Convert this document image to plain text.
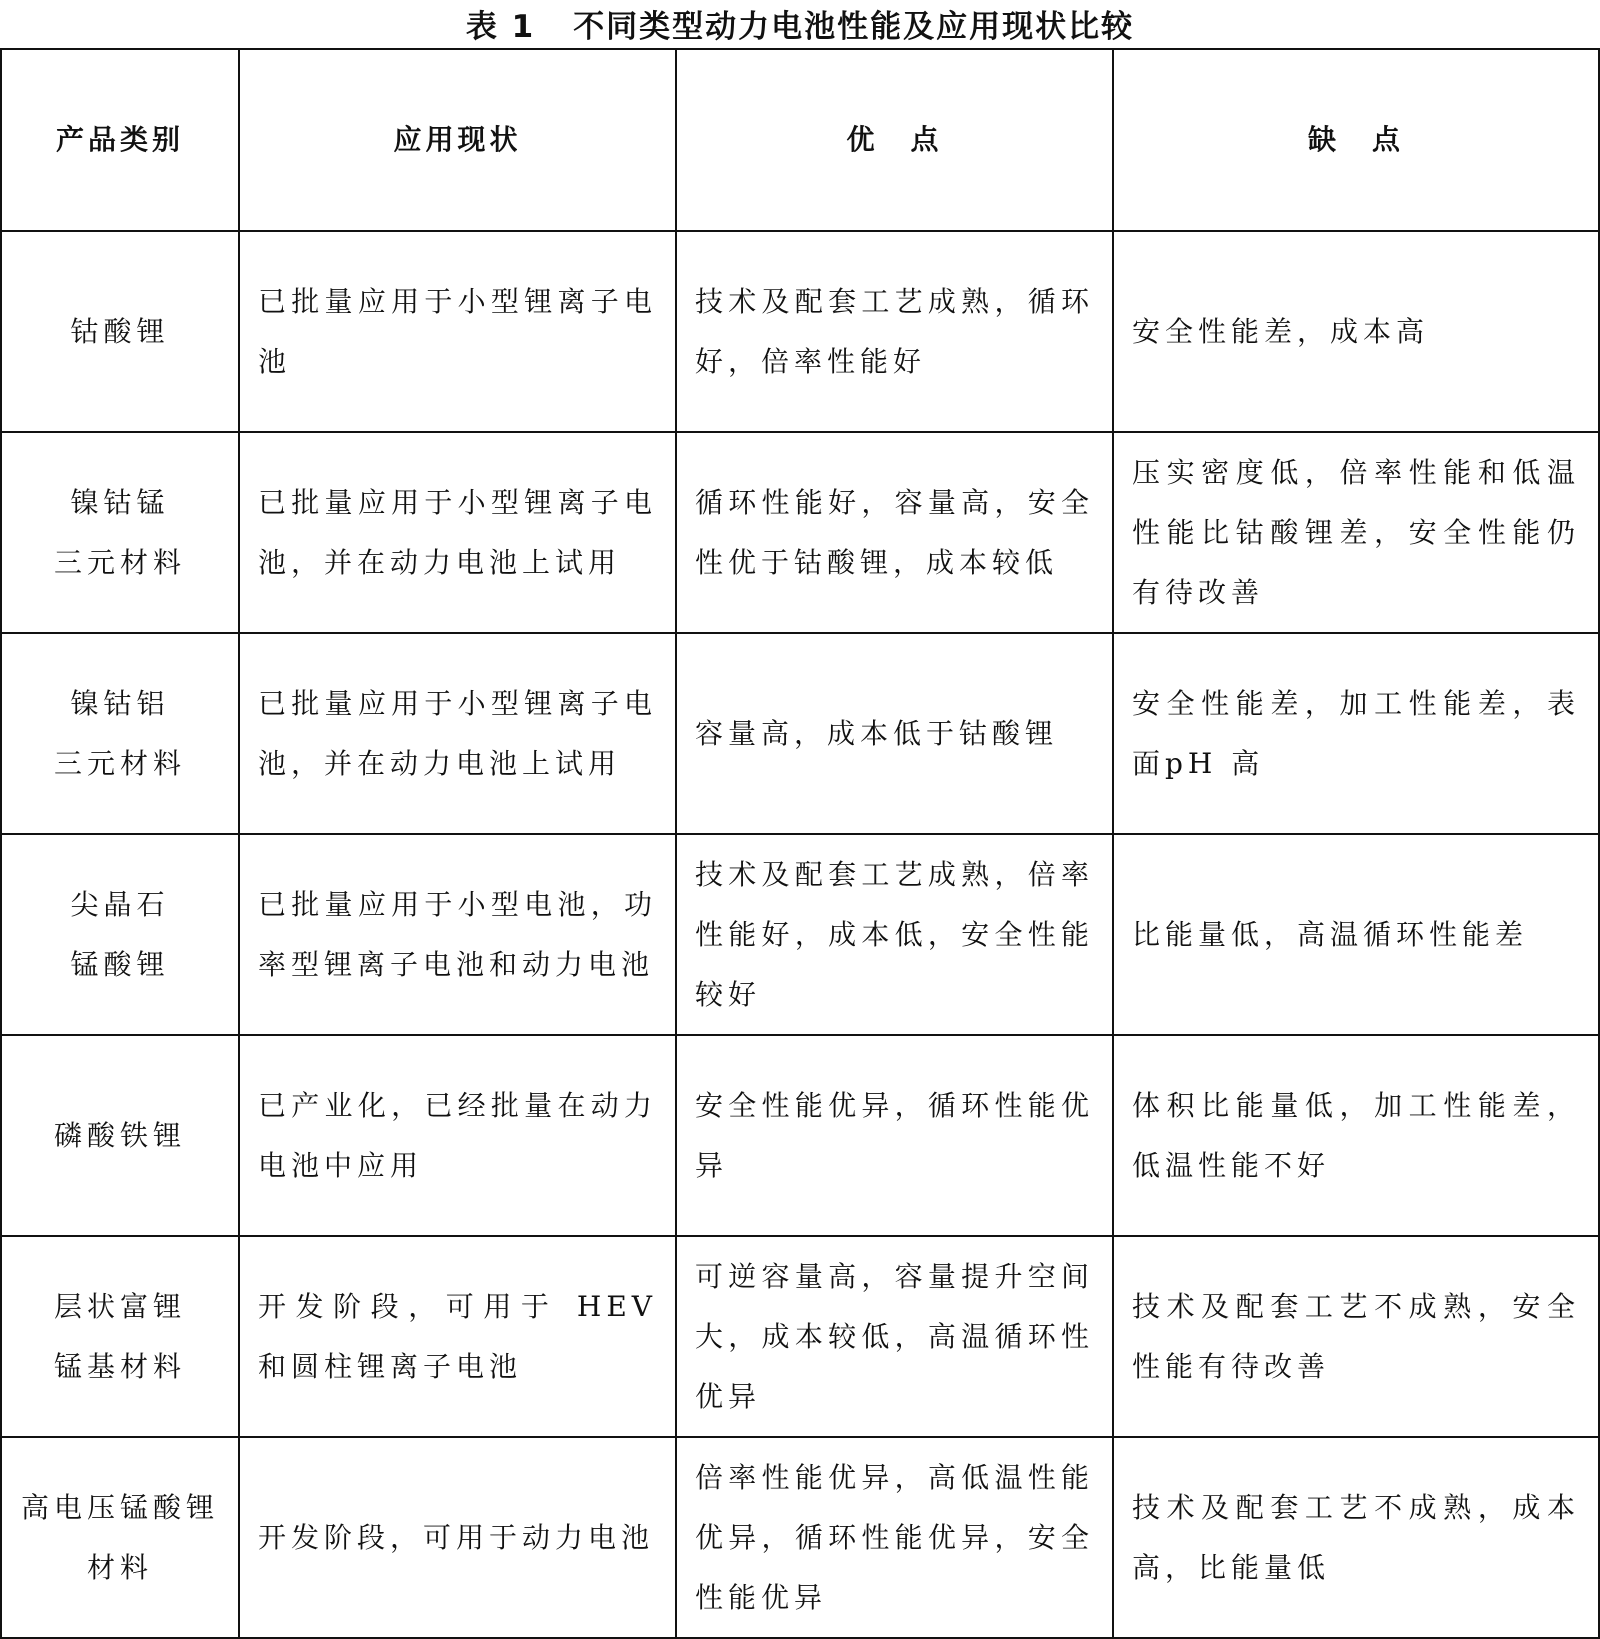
表 1 不同类型动力电池性能及应用现状比较
产品类别	应用现状	优　点	缺　点

钴酸锂	已批量应用于小型锂离子电池	技术及配套工艺成熟，循环好，倍率性能好	安全性能差，成本高

镍钴锰
三元材料	已批量应用于小型锂离子电池，并在动力电池上试用	循环性能好，容量高，安全性优于钴酸锂，成本较低	压实密度低，倍率性能和低温性能比钴酸锂差，安全性能仍有待改善

镍钴铝
三元材料	已批量应用于小型锂离子电池，并在动力电池上试用	容量高，成本低于钴酸锂	安全性能差，加工性能差，表面pH 高

尖晶石
锰酸锂	已批量应用于小型电池，功率型锂离子电池和动力电池	技术及配套工艺成熟，倍率性能好，成本低，安全性能较好	比能量低，高温循环性能差

磷酸铁锂	已产业化，已经批量在动力电池中应用	安全性能优异，循环性能优异	体积比能量低，加工性能差，低温性能不好

层状富锂
锰基材料	开发阶段，可用于 HEV 和圆柱锂离子电池	可逆容量高，容量提升空间大，成本较低，高温循环性优异	技术及配套工艺不成熟，安全性能有待改善

高电压锰酸锂
材料	开发阶段，可用于动力电池	倍率性能优异，高低温性能优异，循环性能优异，安全性能优异	技术及配套工艺不成熟，成本高，比能量低
